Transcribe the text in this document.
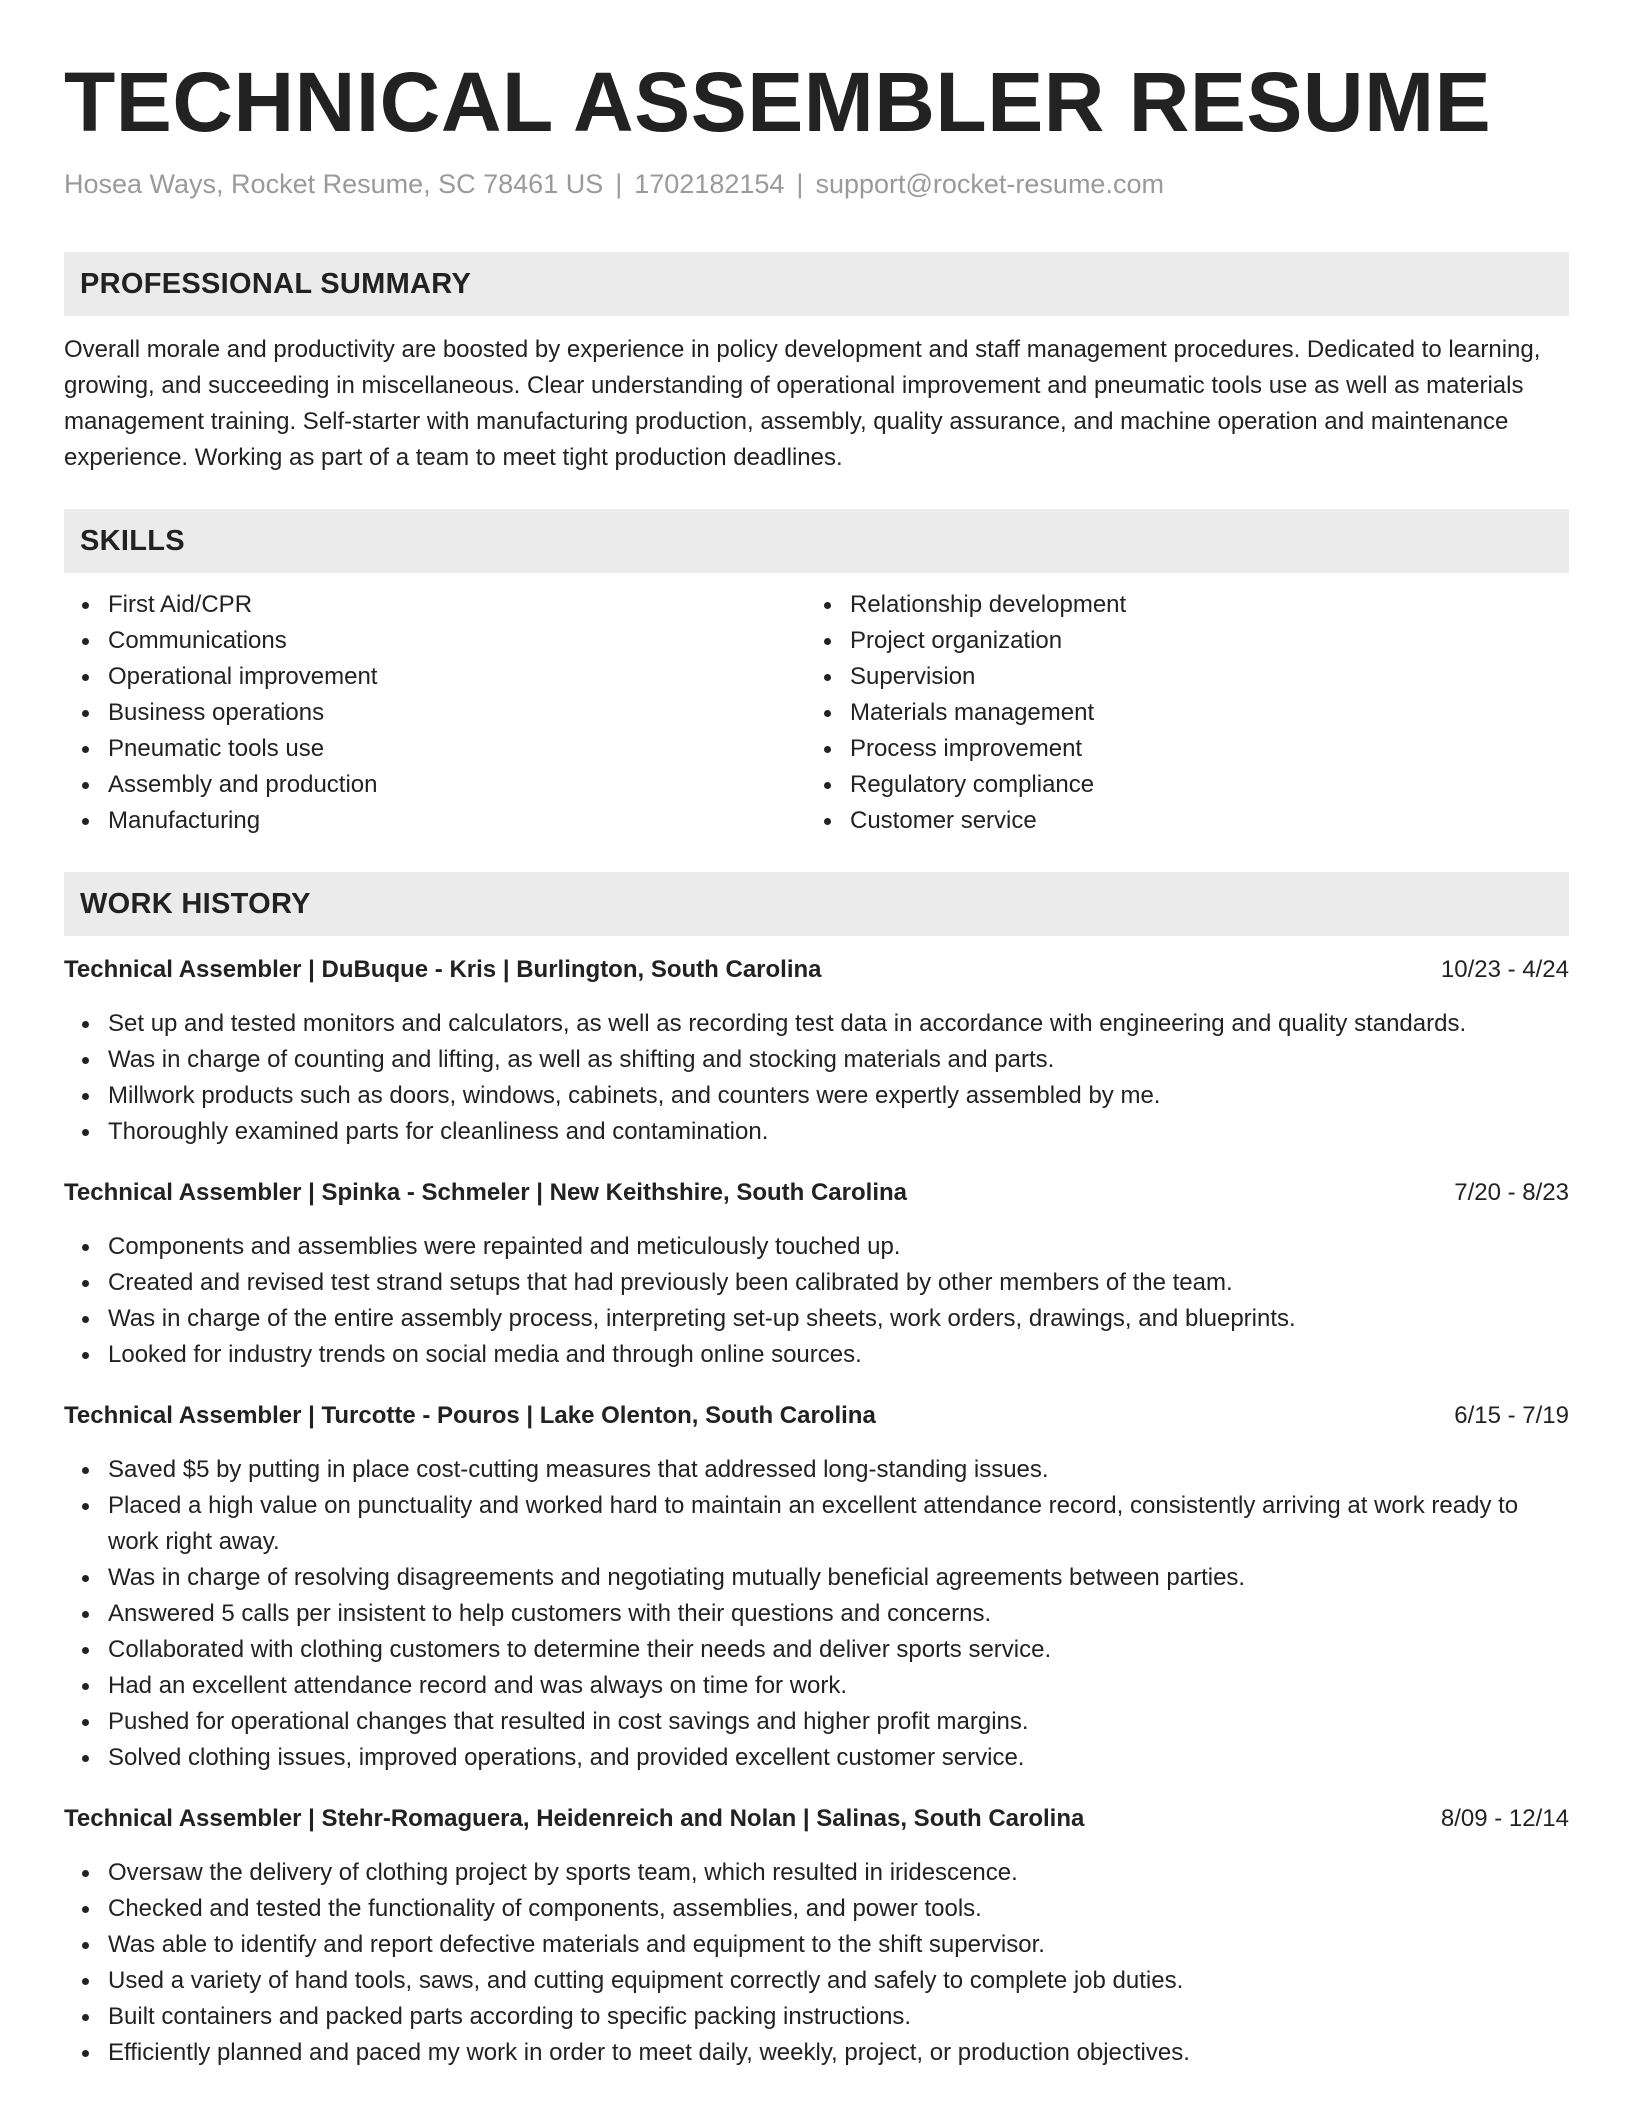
TECHNICAL ASSEMBLER RESUME
Hosea Ways, Rocket Resume, SC 78461 US | 1702182154 | support@rocket-resume.com
PROFESSIONAL SUMMARY

Overall morale and productivity are boosted by experience in policy development and staff management procedures. Dedicated to learning, growing, and succeeding in miscellaneous. Clear understanding of operational improvement and pneumatic tools use as well as materials management training. Self-starter with manufacturing production, assembly, quality assurance, and machine operation and maintenance experience. Working as part of a team to meet tight production deadlines.

SKILLS
First Aid/CPR
Communications
Operational improvement
Business operations
Pneumatic tools use
Assembly and production
Manufacturing
Relationship development
Project organization
Supervision
Materials management
Process improvement
Regulatory compliance
Customer service
WORK HISTORY
Technical Assembler | DuBuque - Kris | Burlington, South Carolina	10/23 - 4/24
Set up and tested monitors and calculators, as well as recording test data in accordance with engineering and quality standards.
Was in charge of counting and lifting, as well as shifting and stocking materials and parts.
Millwork products such as doors, windows, cabinets, and counters were expertly assembled by me.
Thoroughly examined parts for cleanliness and contamination.
Technical Assembler | Spinka - Schmeler | New Keithshire, South Carolina	7/20 - 8/23
Components and assemblies were repainted and meticulously touched up.
Created and revised test strand setups that had previously been calibrated by other members of the team.
Was in charge of the entire assembly process, interpreting set-up sheets, work orders, drawings, and blueprints.
Looked for industry trends on social media and through online sources.
Technical Assembler | Turcotte - Pouros | Lake Olenton, South Carolina	6/15 - 7/19
Saved $5 by putting in place cost-cutting measures that addressed long-standing issues.
Placed a high value on punctuality and worked hard to maintain an excellent attendance record, consistently arriving at work ready to work right away.
Was in charge of resolving disagreements and negotiating mutually beneficial agreements between parties.
Answered 5 calls per insistent to help customers with their questions and concerns.
Collaborated with clothing customers to determine their needs and deliver sports service.
Had an excellent attendance record and was always on time for work.
Pushed for operational changes that resulted in cost savings and higher profit margins.
Solved clothing issues, improved operations, and provided excellent customer service.
Technical Assembler | Stehr-Romaguera, Heidenreich and Nolan | Salinas, South Carolina	8/09 - 12/14
Oversaw the delivery of clothing project by sports team, which resulted in iridescence.
Checked and tested the functionality of components, assemblies, and power tools.
Was able to identify and report defective materials and equipment to the shift supervisor.
Used a variety of hand tools, saws, and cutting equipment correctly and safely to complete job duties.
Built containers and packed parts according to specific packing instructions.
Efficiently planned and paced my work in order to meet daily, weekly, project, or production objectives.
